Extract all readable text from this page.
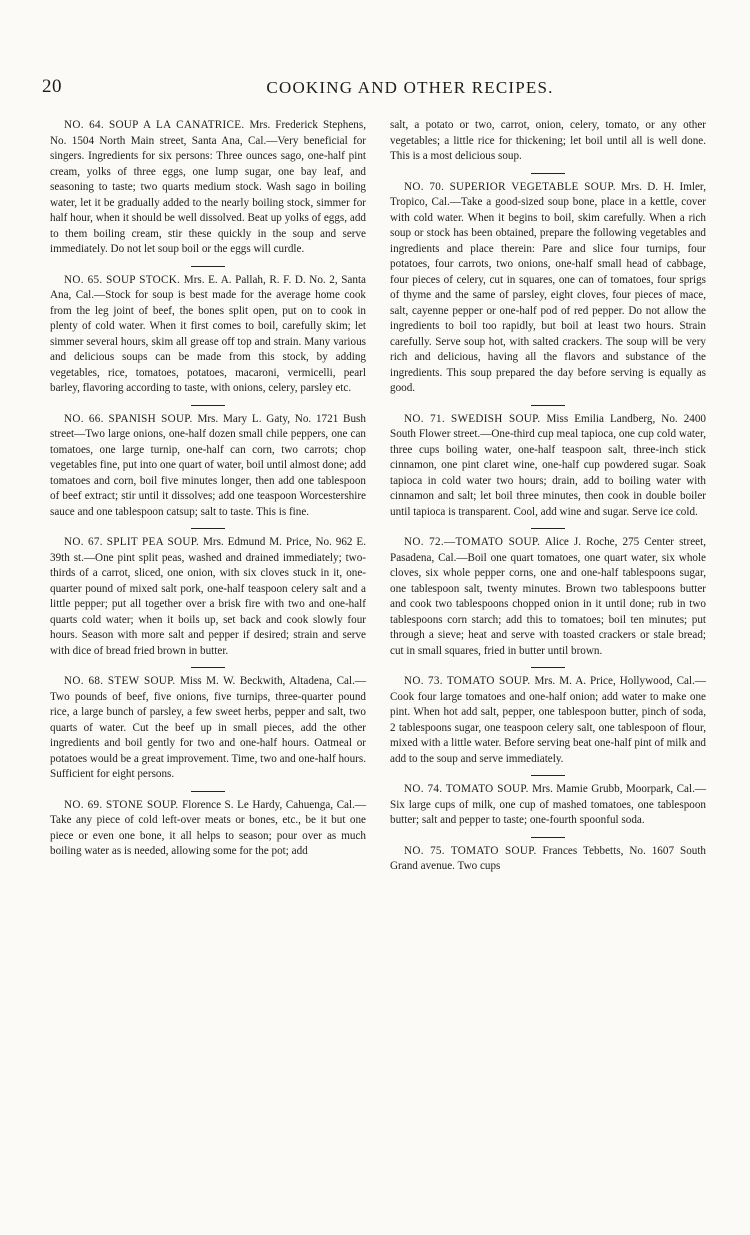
20	COOKING AND OTHER RECIPES.

NO. 64. SOUP A LA CANATRICE. Mrs. Frederick Stephens, No. 1504 North Main street, Santa Ana, Cal.—Very beneficial for singers. Ingredients for six persons: Three ounces sago, one-half pint cream, yolks of three eggs, one lump sugar, one bay leaf, and seasoning to taste; two quarts medium stock. Wash sago in boiling water, let it be gradually added to the nearly boiling stock, simmer for half hour, when it should be well dissolved. Beat up yolks of eggs, add to them boiling cream, stir these quickly in the soup and serve immediately. Do not let soup boil or the eggs will curdle.

NO. 65. SOUP STOCK. Mrs. E. A. Pallah, R. F. D. No. 2, Santa Ana, Cal.—Stock for soup is best made for the average home cook from the leg joint of beef, the bones split open, put on to cook in plenty of cold water. When it first comes to boil, carefully skim; let simmer several hours, skim all grease off top and strain. Many various and delicious soups can be made from this stock, by adding vegetables, rice, tomatoes, potatoes, macaroni, vermicelli, pearl barley, flavoring according to taste, with onions, celery, parsley etc.

NO. 66. SPANISH SOUP. Mrs. Mary L. Gaty, No. 1721 Bush street—Two large onions, one-half dozen small chile peppers, one can tomatoes, one large turnip, one-half can corn, two carrots; chop vegetables fine, put into one quart of water, boil until almost done; add tomatoes and corn, boil five minutes longer, then add one tablespoon of beef extract; stir until it dissolves; add one teaspoon Worcestershire sauce and one tablespoon catsup; salt to taste. This is fine.

NO. 67. SPLIT PEA SOUP. Mrs. Edmund M. Price, No. 962 E. 39th st.—One pint split peas, washed and drained immediately; two-thirds of a carrot, sliced, one onion, with six cloves stuck in it, one-quarter pound of mixed salt pork, one-half teaspoon celery salt and a little pepper; put all together over a brisk fire with two and one-half quarts cold water; when it boils up, set back and cook slowly four hours. Season with more salt and pepper if desired; strain and serve with dice of bread fried brown in butter.

NO. 68. STEW SOUP. Miss M. W. Beckwith, Altadena, Cal.—Two pounds of beef, five onions, five turnips, three-quarter pound rice, a large bunch of parsley, a few sweet herbs, pepper and salt, two quarts of water. Cut the beef up in small pieces, add the other ingredients and boil gently for two and one-half hours. Oatmeal or potatoes would be a great improvement. Time, two and one-half hours. Sufficient for eight persons.

NO. 69. STONE SOUP. Florence S. Le Hardy, Cahuenga, Cal.—Take any piece of cold left-over meats or bones, etc., be it but one piece or even one bone, it all helps to season; pour over as much boiling water as is needed, allowing some for the pot; add

salt, a potato or two, carrot, onion, celery, tomato, or any other vegetables; a little rice for thickening; let boil until all is well done. This is a most delicious soup.

NO. 70. SUPERIOR VEGETABLE SOUP. Mrs. D. H. Imler, Tropico, Cal.—Take a good-sized soup bone, place in a kettle, cover with cold water. When it begins to boil, skim carefully. When a rich soup or stock has been obtained, prepare the following vegetables and ingredients and place therein: Pare and slice four turnips, four potatoes, four carrots, two onions, one-half small head of cabbage, four pieces of celery, cut in squares, one can of tomatoes, four sprigs of thyme and the same of parsley, eight cloves, four pieces of mace, salt, cayenne pepper or one-half pod of red pepper. Do not allow the ingredients to boil too rapidly, but boil at least two hours. Strain carefully. Serve soup hot, with salted crackers. The soup will be very rich and delicious, having all the flavors and substance of the ingredients. This soup prepared the day before serving is equally as good.

NO. 71. SWEDISH SOUP. Miss Emilia Landberg, No. 2400 South Flower street.—One-third cup meal tapioca, one cup cold water, three cups boiling water, one-half teaspoon salt, three-inch stick cinnamon, one pint claret wine, one-half cup powdered sugar. Soak tapioca in cold water two hours; drain, add to boiling water with cinnamon and salt; let boil three minutes, then cook in double boiler until tapioca is transparent. Cool, add wine and sugar. Serve ice cold.

NO. 72.—TOMATO SOUP. Alice J. Roche, 275 Center street, Pasadena, Cal.—Boil one quart tomatoes, one quart water, six whole cloves, six whole pepper corns, one and one-half tablespoons sugar, one tablespoon salt, twenty minutes. Brown two tablespoons butter and cook two tablespoons chopped onion in it until done; rub in two tablespoons corn starch; add this to tomatoes; boil ten minutes; put through a sieve; heat and serve with toasted crackers or stale bread; cut in small squares, fried in butter until brown.

NO. 73. TOMATO SOUP. Mrs. M. A. Price, Hollywood, Cal.—Cook four large tomatoes and one-half onion; add water to make one pint. When hot add salt, pepper, one tablespoon butter, pinch of soda, 2 tablespoons sugar, one teaspoon celery salt, one tablespoon of flour, mixed with a little water. Before serving beat one-half pint of milk and add to the soup and serve immediately.

NO. 74. TOMATO SOUP. Mrs. Mamie Grubb, Moorpark, Cal.—Six large cups of milk, one cup of mashed tomatoes, one tablespoon butter; salt and pepper to taste; one-fourth spoonful soda.

NO. 75. TOMATO SOUP. Frances Tebbetts, No. 1607 South Grand avenue. Two cups
